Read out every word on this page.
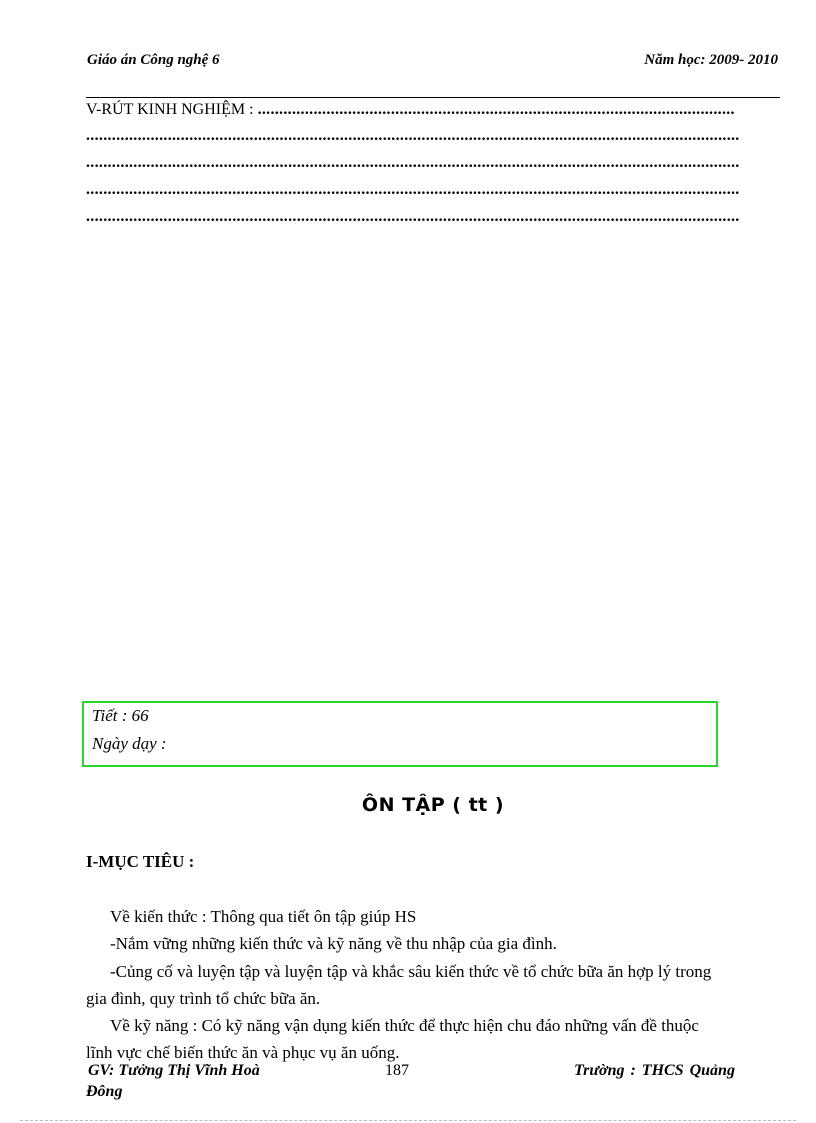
Giáo án Công nghệ 6	Năm học: 2009- 2010
V-RÚT KINH NGHIỆM : ...............................................................................................................
........................................................................................................................................................
........................................................................................................................................................
........................................................................................................................................................
........................................................................................................................................................
Tiết : 66
Ngày dạy :
ÔN TẬP ( tt )
I-MỤC TIÊU :
Về kiến thức : Thông qua tiết ôn tập giúp HS
-Nắm vững những kiến thức và kỹ năng về thu nhập của gia đình.
-Củng cố và luyện tập và luyện tập và khắc sâu kiến thức về tổ chức bữa ăn hợp lý trong
gia đình, quy trình tổ chức bữa ăn.
Về kỹ năng : Có kỹ năng vận dụng kiến thức để thực hiện chu đáo những vấn đề thuộc
lĩnh vực chế biến thức ăn và phục vụ ăn uống.
GV: Tưởng Thị Vĩnh Hoà	187	Trường : THCS Quảng
Đông
